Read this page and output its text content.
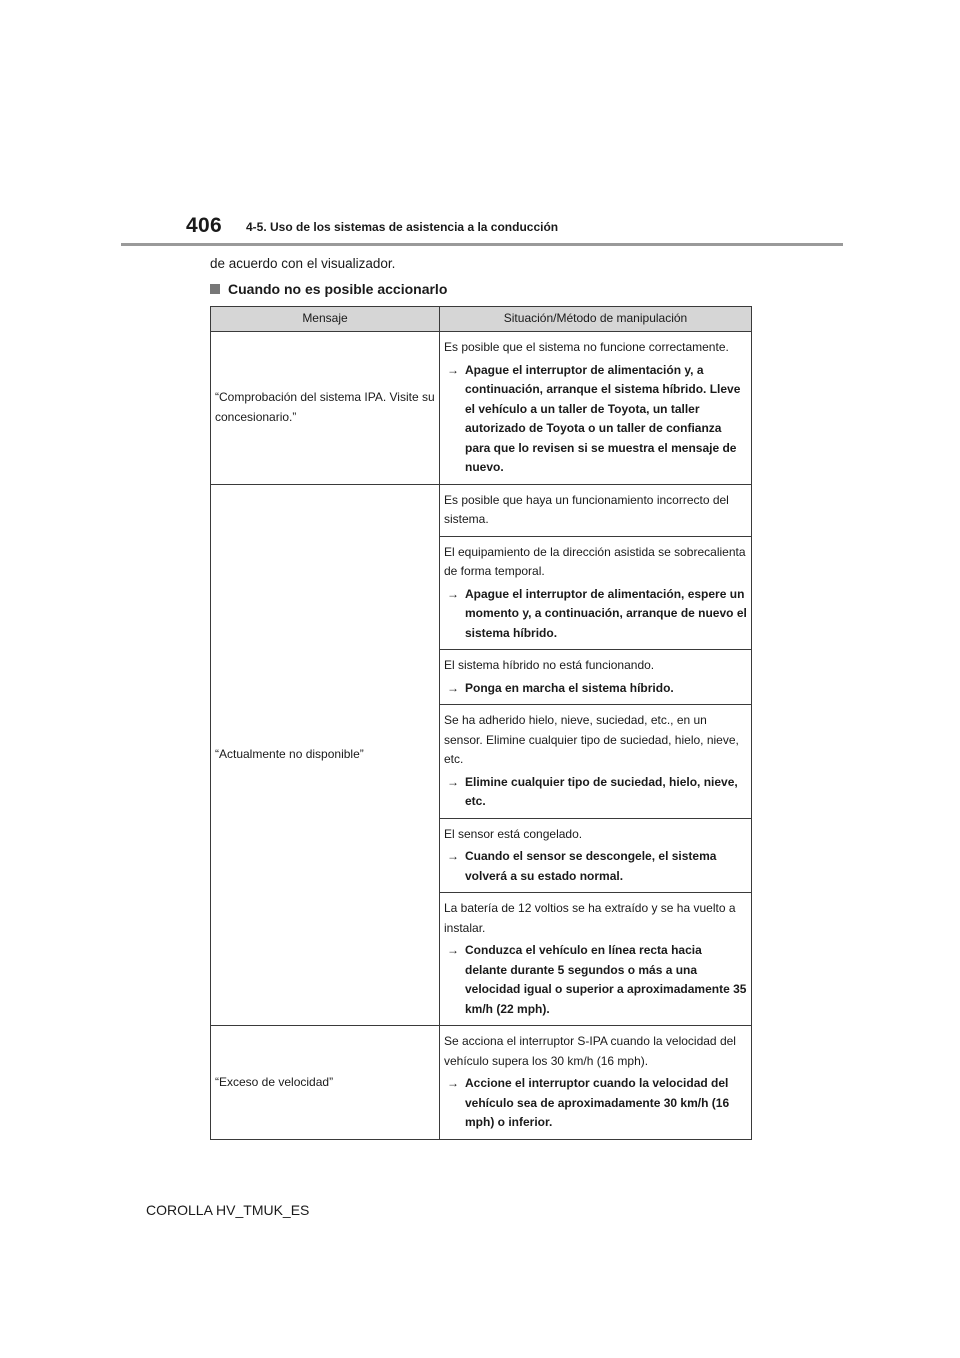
406 4-5. Uso de los sistemas de asistencia a la conducción
de acuerdo con el visualizador.
Cuando no es posible accionarlo
Mensaje	Situación/Método de manipulación
“Comprobación del sistema IPA. Visite su concesionario.”	Es posible que el sistema no funcione correctamente.
→ Apague el interruptor de alimentación y, a continuación, arranque el sistema híbrido. Lleve el vehículo a un taller de Toyota, un taller autorizado de Toyota o un taller de confianza para que lo revisen si se muestra el mensaje de nuevo.

“Actualmente no disponible”	Es posible que haya un funcionamiento incorrecto del sistema.

	El equipamiento de la dirección asistida se sobrecalienta de forma temporal.
→ Apague el interruptor de alimentación, espere un momento y, a continuación, arranque de nuevo el sistema híbrido.

	El sistema híbrido no está funcionando.
→ Ponga en marcha el sistema híbrido.

	Se ha adherido hielo, nieve, suciedad, etc., en un sensor. Elimine cualquier tipo de suciedad, hielo, nieve, etc.
→ Elimine cualquier tipo de suciedad, hielo, nieve, etc.

	El sensor está congelado.
→ Cuando el sensor se descongele, el sistema volverá a su estado normal.

	La batería de 12 voltios se ha extraído y se ha vuelto a instalar.
→ Conduzca el vehículo en línea recta hacia delante durante 5 segundos o más a una velocidad igual o superior a aproximadamente 35 km/h (22 mph).

“Exceso de velocidad”	Se acciona el interruptor S-IPA cuando la velocidad del vehículo supera los 30 km/h (16 mph).
→ Accione el interruptor cuando la velocidad del vehículo sea de aproximadamente 30 km/h (16 mph) o inferior.
COROLLA HV_TMUK_ES
